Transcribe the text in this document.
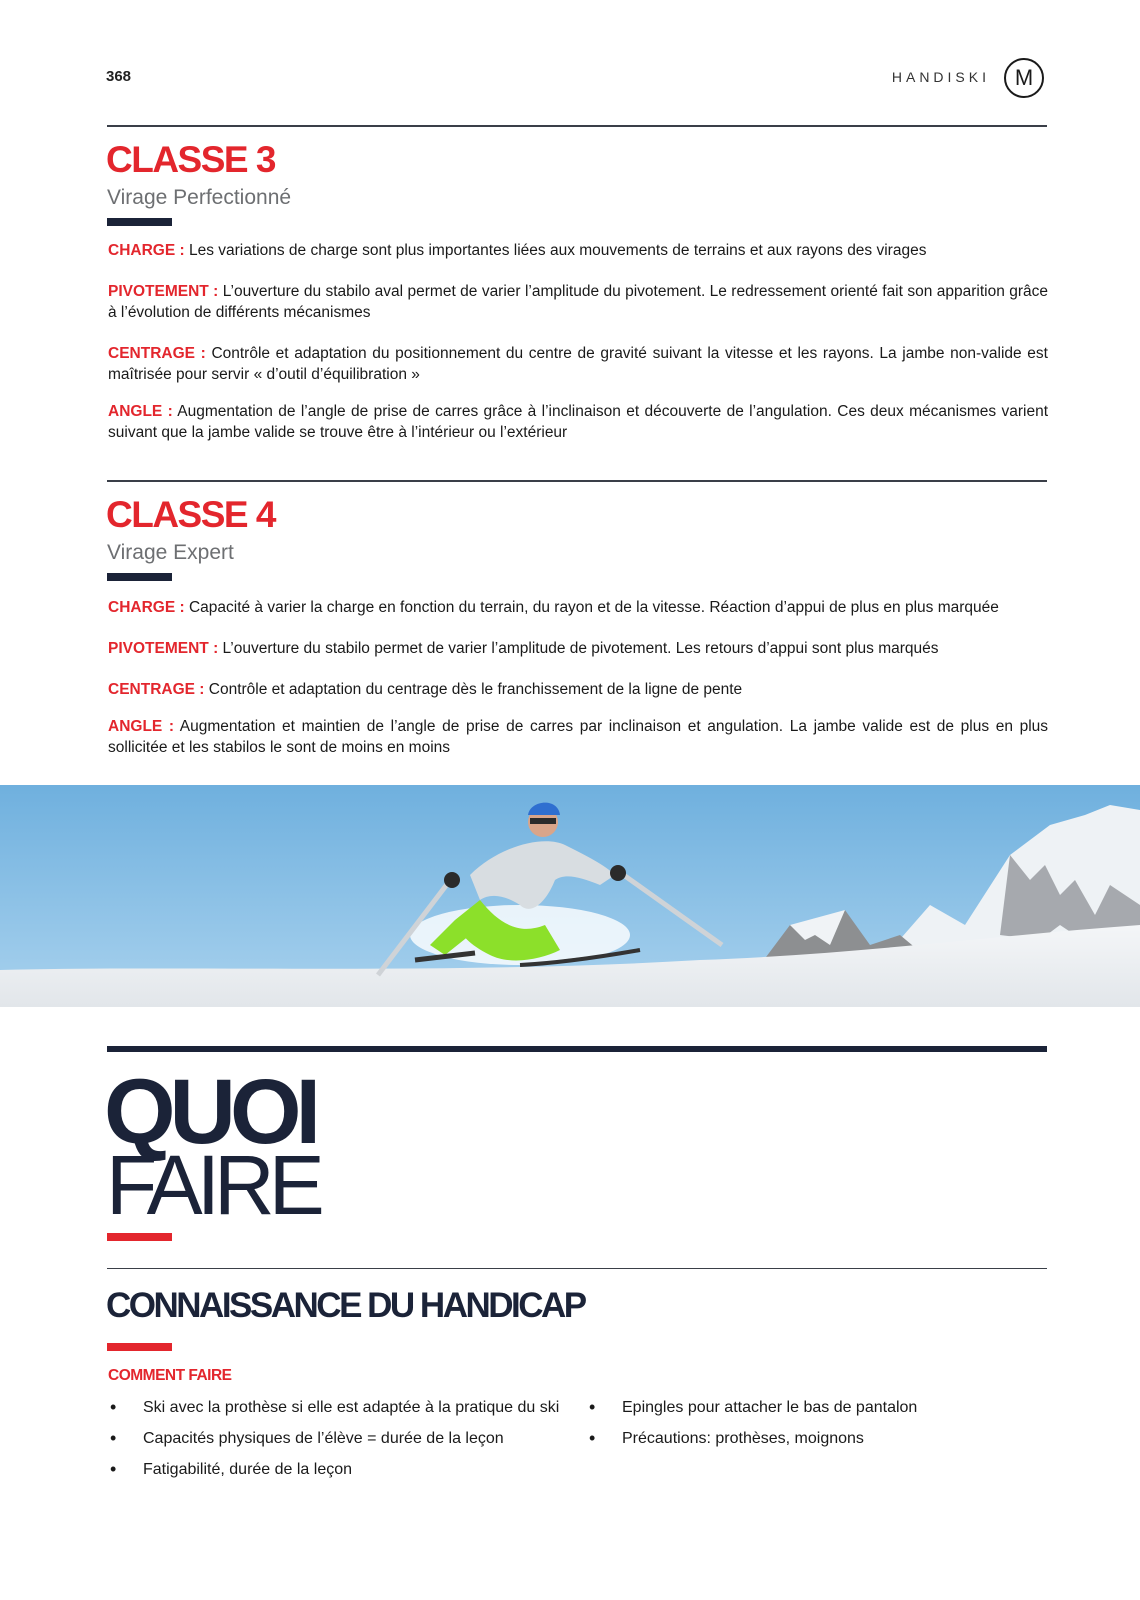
368	HANDISKI M
CLASSE 3
Virage Perfectionné

CHARGE : Les variations de charge sont plus importantes liées aux mouvements de terrains et aux rayons des virages

PIVOTEMENT : L’ouverture du stabilo aval permet de varier l’amplitude du pivotement. Le redressement orienté fait son apparition grâce à l’évolution de différents mécanismes

CENTRAGE : Contrôle et adaptation du positionnement du centre de gravité suivant la vitesse et les rayons. La jambe non-valide est maîtrisée pour servir « d’outil d’équilibration »

ANGLE : Augmentation de l’angle de prise de carres grâce à l’inclinaison et découverte de l’angulation. Ces deux mécanismes varient suivant que la jambe valide se trouve être à l’intérieur ou l’extérieur

CLASSE 4
Virage Expert

CHARGE : Capacité à varier la charge en fonction du terrain, du rayon et de la vitesse. Réaction d’appui de plus en plus marquée

PIVOTEMENT : L’ouverture du stabilo permet de varier l’amplitude de pivotement. Les retours d’appui sont plus marqués

CENTRAGE : Contrôle et adaptation du centrage dès le franchissement de la ligne de pente

ANGLE : Augmentation et maintien de l’angle de prise de carres par inclinaison et angulation. La jambe valide est de plus en plus sollicitée et les stabilos le sont de moins en moins

QUOI
FAIRE
CONNAISSANCE DU HANDICAP
COMMENT FAIRE
• Ski avec la prothèse si elle est adaptée à la pratique du ski
• Capacités physiques de l’élève = durée de la leçon
• Fatigabilité, durée de la leçon
• Epingles pour attacher le bas de pantalon
• Précautions: prothèses, moignons
